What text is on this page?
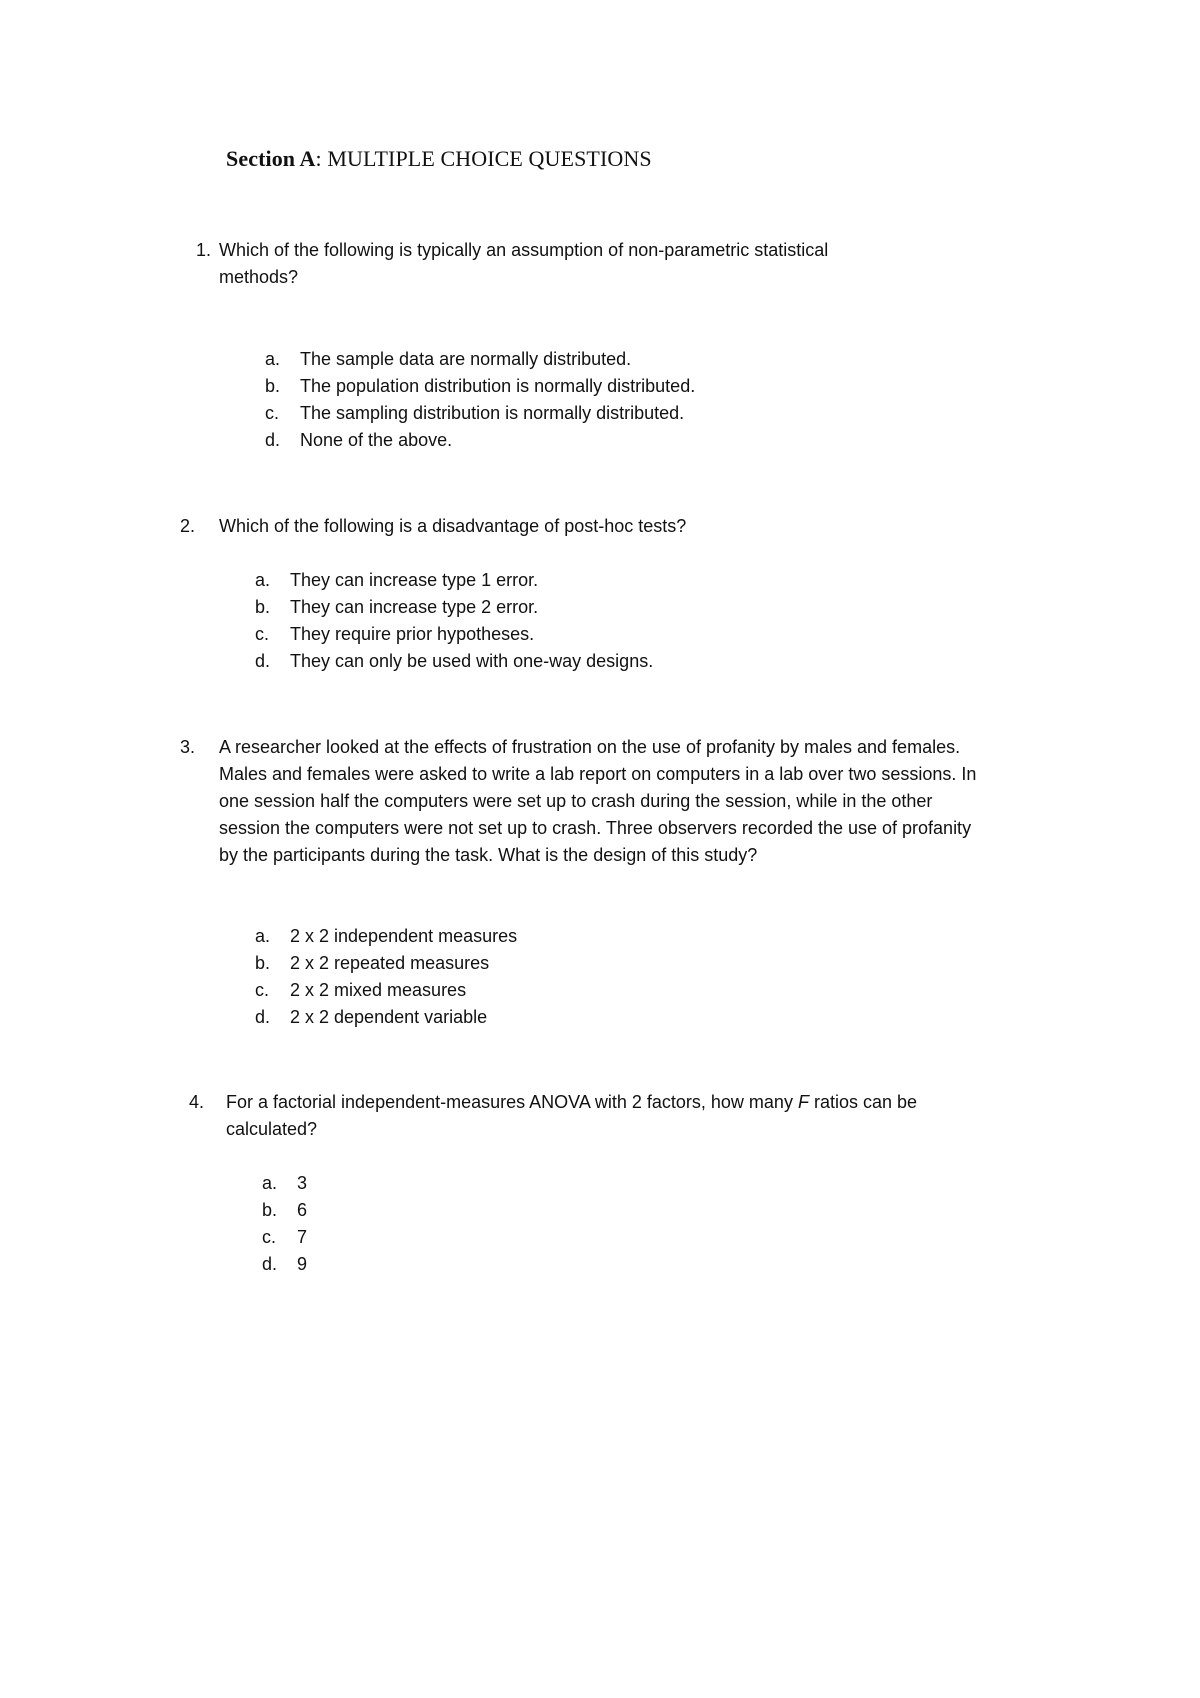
Section A: MULTIPLE CHOICE QUESTIONS
1. Which of the following is typically an assumption of non-parametric statistical methods?
a. The sample data are normally distributed.
b. The population distribution is normally distributed.
c. The sampling distribution is normally distributed.
d. None of the above.
2. Which of the following is a disadvantage of post-hoc tests?
a. They can increase type 1 error.
b. They can increase type 2 error.
c. They require prior hypotheses.
d. They can only be used with one-way designs.
3. A researcher looked at the effects of frustration on the use of profanity by males and females. Males and females were asked to write a lab report on computers in a lab over two sessions. In one session half the computers were set up to crash during the session, while in the other session the computers were not set up to crash. Three observers recorded the use of profanity by the participants during the task. What is the design of this study?
a. 2 x 2 independent measures
b. 2 x 2 repeated measures
c. 2 x 2 mixed measures
d. 2 x 2 dependent variable
4. For a factorial independent-measures ANOVA with 2 factors, how many F ratios can be calculated?
a. 3
b. 6
c. 7
d. 9
